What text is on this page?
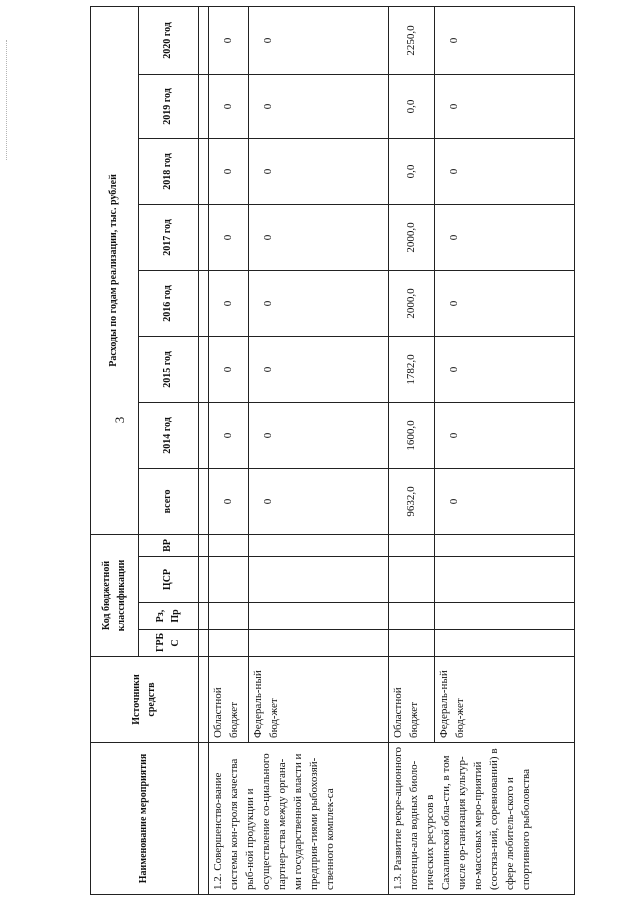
3
Наименование мероприятия	Источники средств	Код бюджетной классификации				Расходы по годам реализации, тыс. рублей							
		ГРБ С	Рз, Пр	ЦСР	ВР	всего	2014 год	2015 год	2016 год	2017 год	2018 год	2019 год	2020 год

1.2. Совершенство-вание системы кон-троля качества рыб-ной продукции и осуществление со-циального партнер-ства между органа-ми государственной власти и предприя-тиями рыбохозяй-ственного комплек-са	Областной бюджет					0	0	0	0	0	0	0	0
	Федераль-ный бюд-жет					0	0	0	0	0	0	0	0
1.3. Развитие рекре-ационного потенци-ала водных биоло-гических ресурсов в Сахалинской обла-сти, в том числе ор-ганизация культур-но-массовых меро-приятий (состяза-ний, соревнований) в сфере любитель-ского и спортивного рыболовства	Областной бюджет					9632,0	1600,0	1782,0	2000,0	2000,0	0,0	0,0	2250,0
	Федераль-ный бюд-жет					0	0	0	0	0	0	0	0
